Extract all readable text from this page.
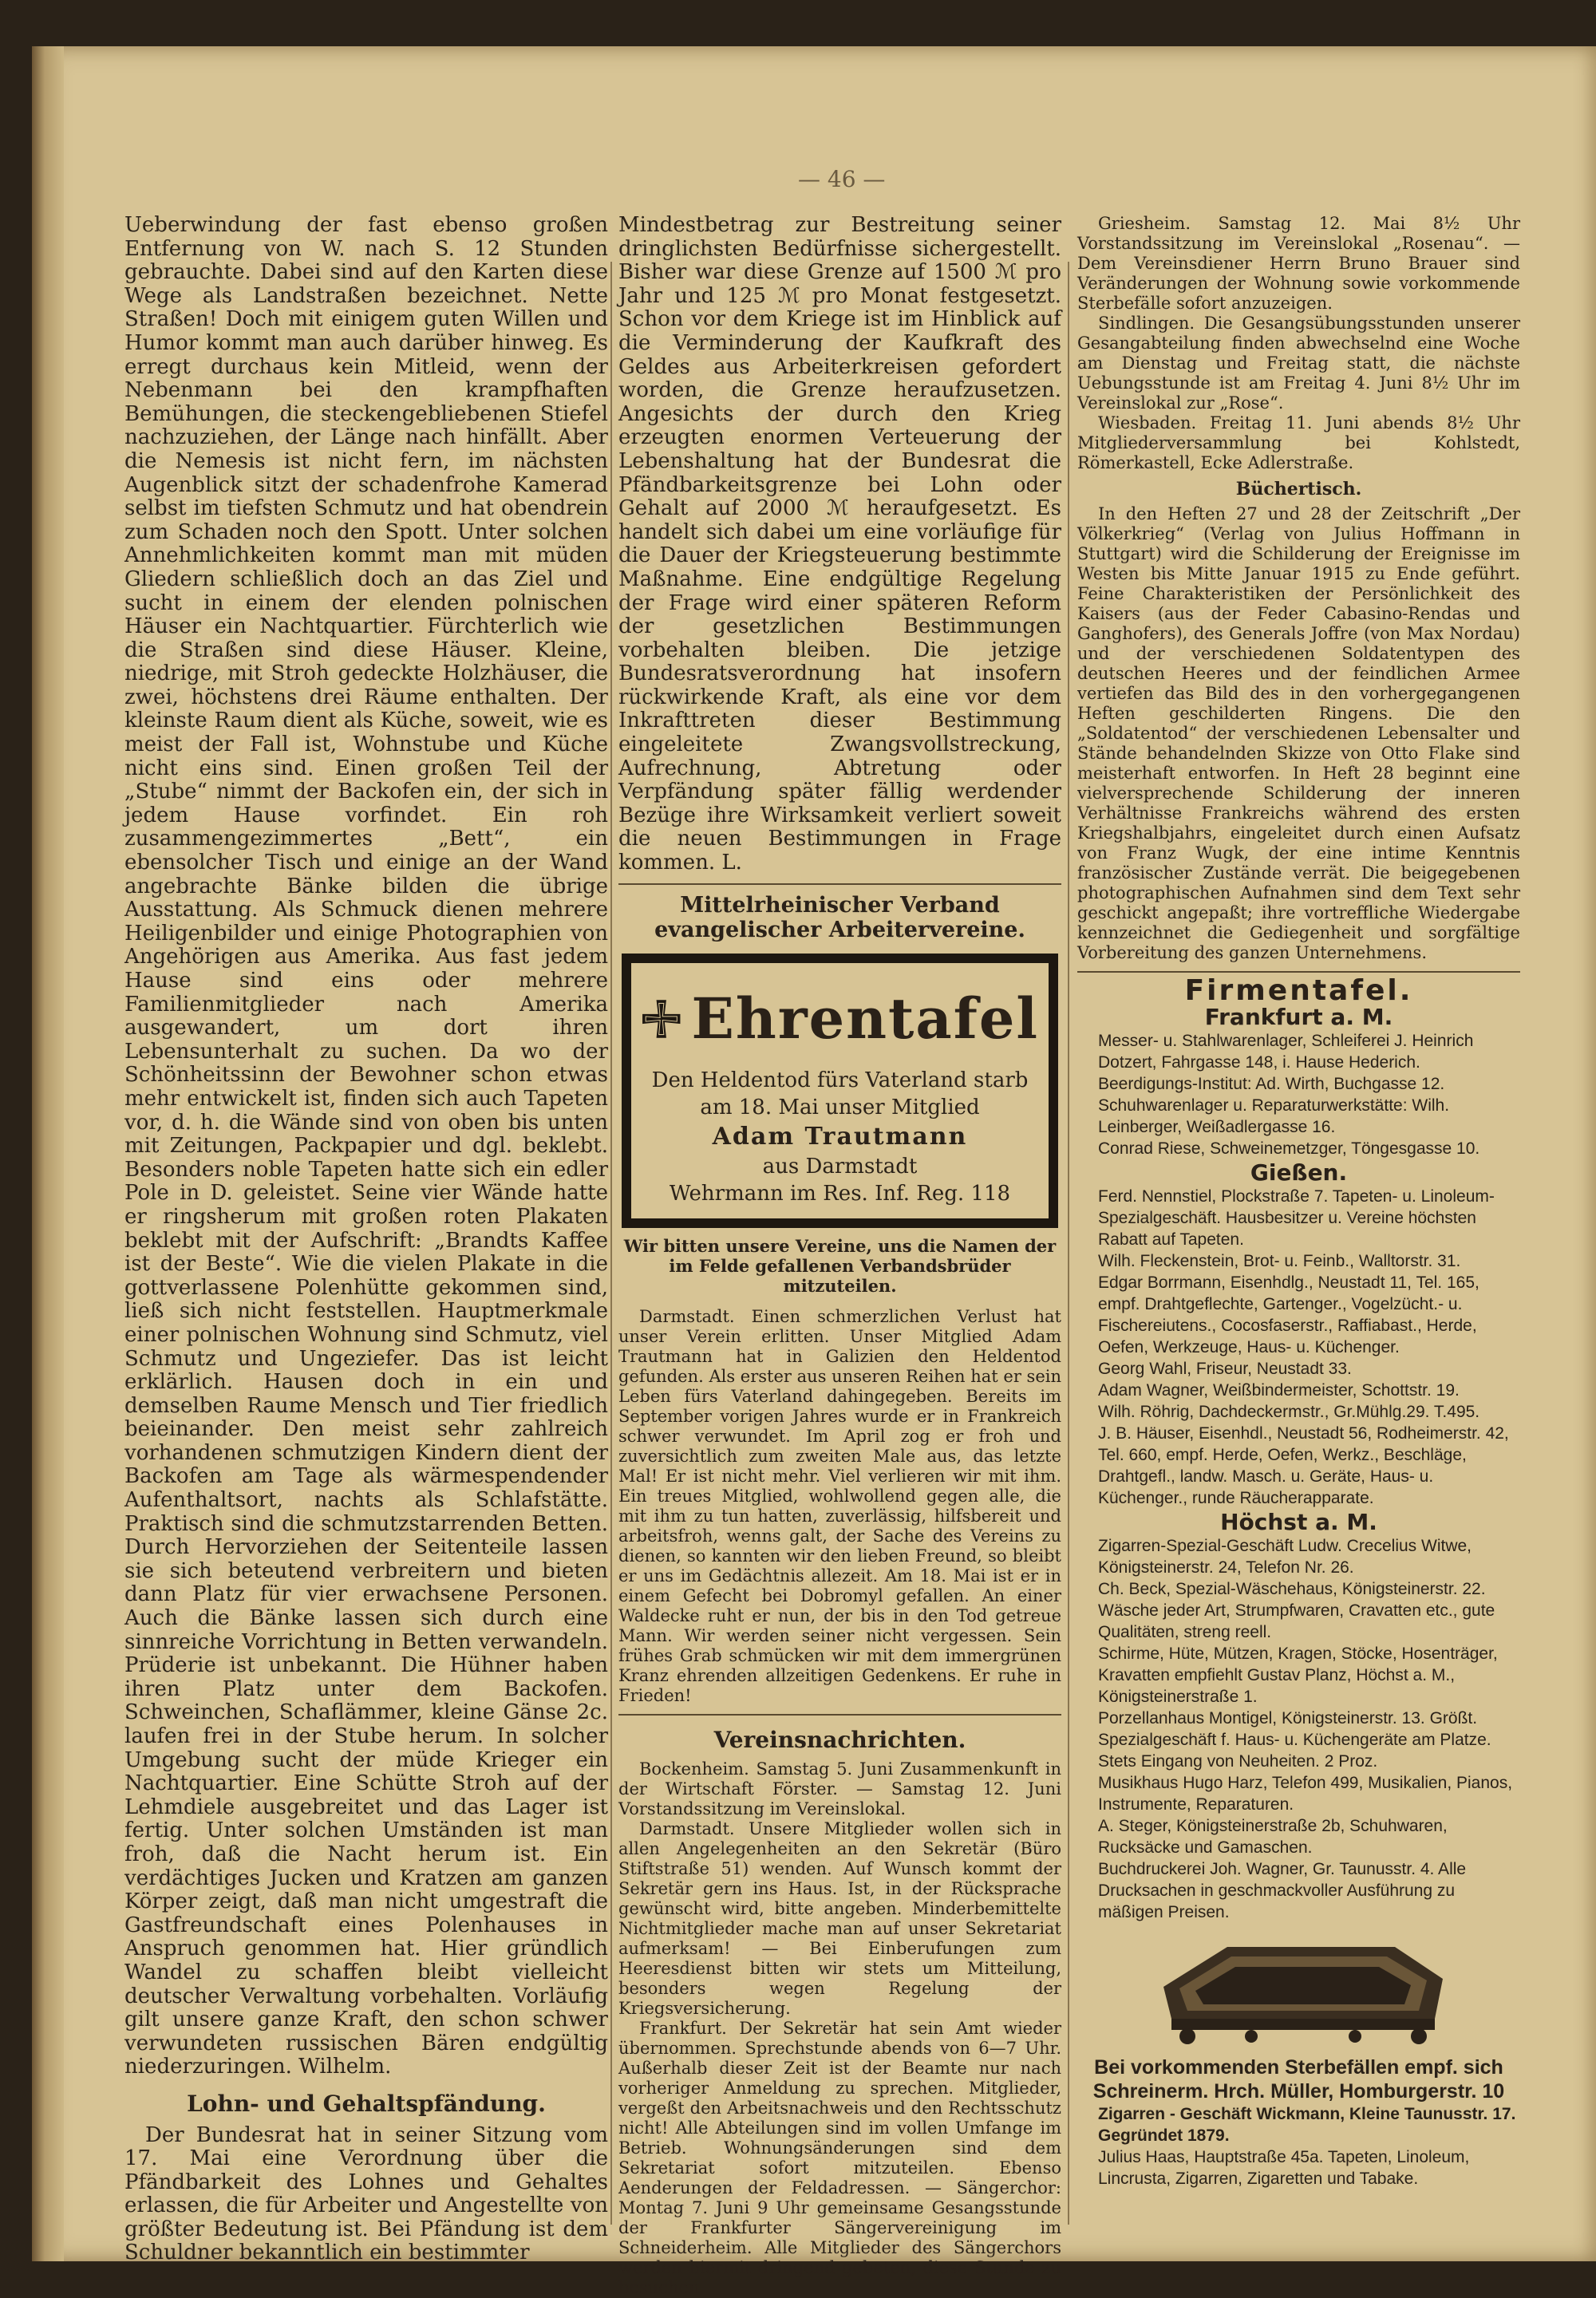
— 46 —

Ueberwindung der fast ebenso großen Entfernung von W. nach S. 12 Stunden gebrauchte. Dabei sind auf den Karten diese Wege als Landstraßen bezeichnet. Nette Straßen! Doch mit einigem guten Willen und Humor kommt man auch darüber hinweg. Es erregt durchaus kein Mitleid, wenn der Nebenmann bei den krampfhaften Bemühungen, die steckengebliebenen Stiefel nachzuziehen, der Länge nach hinfällt. Aber die Nemesis ist nicht fern, im nächsten Augenblick sitzt der schadenfrohe Kamerad selbst im tiefsten Schmutz und hat obendrein zum Schaden noch den Spott. Unter solchen Annehmlichkeiten kommt man mit müden Gliedern schließlich doch an das Ziel und sucht in einem der elenden polnischen Häuser ein Nachtquartier. Fürchterlich wie die Straßen sind diese Häuser. Kleine, niedrige, mit Stroh gedeckte Holzhäuser, die zwei, höchstens drei Räume enthalten. Der kleinste Raum dient als Küche, soweit, wie es meist der Fall ist, Wohnstube und Küche nicht eins sind. Einen großen Teil der „Stube“ nimmt der Backofen ein, der sich in jedem Hause vorfindet. Ein roh zusammengezimmertes „Bett“, ein ebensolcher Tisch und einige an der Wand angebrachte Bänke bilden die übrige Ausstattung. Als Schmuck dienen mehrere Heiligenbilder und einige Photographien von Angehörigen aus Amerika. Aus fast jedem Hause sind eins oder mehrere Familienmitglieder nach Amerika ausgewandert, um dort ihren Lebensunterhalt zu suchen. Da wo der Schönheitssinn der Bewohner schon etwas mehr entwickelt ist, finden sich auch Tapeten vor, d. h. die Wände sind von oben bis unten mit Zeitungen, Packpapier und dgl. beklebt. Besonders noble Tapeten hatte sich ein edler Pole in D. geleistet. Seine vier Wände hatte er ringsherum mit großen roten Plakaten beklebt mit der Aufschrift: „Brandts Kaffee ist der Beste“. Wie die vielen Plakate in die gottverlassene Polenhütte gekommen sind, ließ sich nicht feststellen. Hauptmerkmale einer polnischen Wohnung sind Schmutz, viel Schmutz und Ungeziefer. Das ist leicht erklärlich. Hausen doch in ein und demselben Raume Mensch und Tier friedlich beieinander. Den meist sehr zahlreich vorhandenen schmutzigen Kindern dient der Backofen am Tage als wärmespendender Aufenthaltsort, nachts als Schlafstätte. Praktisch sind die schmutzstarrenden Betten. Durch Hervorziehen der Seitenteile lassen sie sich beteutend verbreitern und bieten dann Platz für vier erwachsene Personen. Auch die Bänke lassen sich durch eine sinnreiche Vorrichtung in Betten verwandeln. Prüderie ist unbekannt. Die Hühner haben ihren Platz unter dem Backofen. Schweinchen, Schaflämmer, kleine Gänse 2c. laufen frei in der Stube herum. In solcher Umgebung sucht der müde Krieger ein Nachtquartier. Eine Schütte Stroh auf der Lehmdiele ausgebreitet und das Lager ist fertig. Unter solchen Umständen ist man froh, daß die Nacht herum ist. Ein verdächtiges Jucken und Kratzen am ganzen Körper zeigt, daß man nicht umgestraft die Gastfreundschaft eines Polenhauses in Anspruch genommen hat. Hier gründlich Wandel zu schaffen bleibt vielleicht deutscher Verwaltung vorbehalten. Vorläufig gilt unsere ganze Kraft, den schon schwer verwundeten russischen Bären endgültig niederzuringen. Wilhelm.

Lohn- und Gehaltspfändung.

Der Bundesrat hat in seiner Sitzung vom 17. Mai eine Verordnung über die Pfändbarkeit des Lohnes und Gehaltes erlassen, die für Arbeiter und Angestellte von größter Bedeutung ist. Bei Pfändung ist dem Schuldner bekanntlich ein bestimmter

Mindestbetrag zur Bestreitung seiner dringlichsten Bedürfnisse sichergestellt. Bisher war diese Grenze auf 1500 ℳ pro Jahr und 125 ℳ pro Monat festgesetzt. Schon vor dem Kriege ist im Hinblick auf die Verminderung der Kaufkraft des Geldes aus Arbeiterkreisen gefordert worden, die Grenze heraufzusetzen. Angesichts der durch den Krieg erzeugten enormen Verteuerung der Lebenshaltung hat der Bundesrat die Pfändbarkeitsgrenze bei Lohn oder Gehalt auf 2000 ℳ heraufgesetzt. Es handelt sich dabei um eine vorläufige für die Dauer der Kriegsteuerung bestimmte Maßnahme. Eine endgültige Regelung der Frage wird einer späteren Reform der gesetzlichen Bestimmungen vorbehalten bleiben. Die jetzige Bundesratsverordnung hat insofern rückwirkende Kraft, als eine vor dem Inkrafttreten dieser Bestimmung eingeleitete Zwangsvollstreckung, Aufrechnung, Abtretung oder Verpfändung später fällig werdender Bezüge ihre Wirksamkeit verliert soweit die neuen Bestimmungen in Frage kommen. L.

Mittelrheinischer Verband evangelischer Arbeitervereine.
Ehrentafel
Den Heldentod fürs Vaterland starb
am 18. Mai unser Mitglied
Adam Trautmann
aus Darmstadt
Wehrmann im Res. Inf. Reg. 118
Wir bitten unsere Vereine, uns die Namen der im Felde gefallenen Verbandsbrüder mitzuteilen.

Darmstadt. Einen schmerzlichen Verlust hat unser Verein erlitten. Unser Mitglied Adam Trautmann hat in Galizien den Heldentod gefunden. Als erster aus unseren Reihen hat er sein Leben fürs Vaterland dahingegeben. Bereits im September vorigen Jahres wurde er in Frankreich schwer verwundet. Im April zog er froh und zuversichtlich zum zweiten Male aus, das letzte Mal! Er ist nicht mehr. Viel verlieren wir mit ihm. Ein treues Mitglied, wohlwollend gegen alle, die mit ihm zu tun hatten, zuverlässig, hilfsbereit und arbeitsfroh, wenns galt, der Sache des Vereins zu dienen, so kannten wir den lieben Freund, so bleibt er uns im Gedächtnis allezeit. Am 18. Mai ist er in einem Gefecht bei Dobromyl gefallen. An einer Waldecke ruht er nun, der bis in den Tod getreue Mann. Wir werden seiner nicht vergessen. Sein frühes Grab schmücken wir mit dem immergrünen Kranz ehrenden allzeitigen Gedenkens. Er ruhe in Frieden!

Vereinsnachrichten.

Bockenheim. Samstag 5. Juni Zusammenkunft in der Wirtschaft Förster. — Samstag 12. Juni Vorstandssitzung im Vereinslokal.

Darmstadt. Unsere Mitglieder wollen sich in allen Angelegenheiten an den Sekretär (Büro Stiftstraße 51) wenden. Auf Wunsch kommt der Sekretär gern ins Haus. Ist, in der Rücksprache gewünscht wird, bitte angeben. Minderbemittelte Nichtmitglieder mache man auf unser Sekretariat aufmerksam! — Bei Einberufungen zum Heeresdienst bitten wir stets um Mitteilung, besonders wegen Regelung der Kriegsversicherung.

Frankfurt. Der Sekretär hat sein Amt wieder übernommen. Sprechstunde abends von 6—7 Uhr. Außerhalb dieser Zeit ist der Beamte nur nach vorheriger Anmeldung zu sprechen. Mitglieder, vergeßt den Arbeitsnachweis und den Rechtsschutz nicht! Alle Abteilungen sind im vollen Umfange im Betrieb. Wohnungsänderungen sind dem Sekretariat sofort mitzuteilen. Ebenso Aenderungen der Feldadressen. — Sängerchor: Montag 7. Juni 9 Uhr gemeinsame Gesangsstunde der Frankfurter Sängervereinigung im Schneiderheim. Alle Mitglieder des Sängerchors werden hiermit dringend gebeten, diese Stunde zu besuchen.

Griesheim. Samstag 12. Mai 8½ Uhr Vorstandssitzung im Vereinslokal „Rosenau“. — Dem Vereinsdiener Herrn Bruno Brauer sind Veränderungen der Wohnung sowie vorkommende Sterbefälle sofort anzuzeigen.

Sindlingen. Die Gesangsübungsstunden unserer Gesangabteilung finden abwechselnd eine Woche am Dienstag und Freitag statt, die nächste Uebungsstunde ist am Freitag 4. Juni 8½ Uhr im Vereinslokal zur „Rose“.

Wiesbaden. Freitag 11. Juni abends 8½ Uhr Mitgliederversammlung bei Kohlstedt, Römerkastell, Ecke Adlerstraße.

Büchertisch.

In den Heften 27 und 28 der Zeitschrift „Der Völkerkrieg“ (Verlag von Julius Hoffmann in Stuttgart) wird die Schilderung der Ereignisse im Westen bis Mitte Januar 1915 zu Ende geführt. Feine Charakteristiken der Persönlichkeit des Kaisers (aus der Feder Cabasino-Rendas und Ganghofers), des Generals Joffre (von Max Nordau) und der verschiedenen Soldatentypen des deutschen Heeres und der feindlichen Armee vertiefen das Bild des in den vorhergegangenen Heften geschilderten Ringens. Die den „Soldatentod“ der verschiedenen Lebensalter und Stände behandelnden Skizze von Otto Flake sind meisterhaft entworfen. In Heft 28 beginnt eine vielversprechende Schilderung der inneren Verhältnisse Frankreichs während des ersten Kriegshalbjahrs, eingeleitet durch einen Aufsatz von Franz Wugk, der eine intime Kenntnis französischer Zustände verrät. Die beigegebenen photographischen Aufnahmen sind dem Text sehr geschickt angepaßt; ihre vortreffliche Wiedergabe kennzeichnet die Gediegenheit und sorgfältige Vorbereitung des ganzen Unternehmens.

Firmentafel.
Frankfurt a. M.

Messer- u. Stahlwarenlager, Schleiferei J. Heinrich Dotzert, Fahrgasse 148, i. Hause Hederich.

Beerdigungs-Institut: Ad. Wirth, Buchgasse 12.

Schuhwarenlager u. Reparaturwerkstätte: Wilh. Leinberger, Weißadlergasse 16.

Conrad Riese, Schweinemetzger, Töngesgasse 10.

Gießen.

Ferd. Nennstiel, Plockstraße 7. Tapeten- u. Linoleum-Spezialgeschäft. Hausbesitzer u. Vereine höchsten Rabatt auf Tapeten.

Wilh. Fleckenstein, Brot- u. Feinb., Walltorstr. 31.

Edgar Borrmann, Eisenhdlg., Neustadt 11, Tel. 165, empf. Drahtgeflechte, Gartenger., Vogelzücht.- u. Fischereiutens., Cocosfaserstr., Raffiabast., Herde, Oefen, Werkzeuge, Haus- u. Küchenger.

Georg Wahl, Friseur, Neustadt 33.

Adam Wagner, Weißbindermeister, Schottstr. 19.

Wilh. Röhrig, Dachdeckermstr., Gr.Mühlg.29. T.495.

J. B. Häuser, Eisenhdl., Neustadt 56, Rodheimerstr. 42, Tel. 660, empf. Herde, Oefen, Werkz., Beschläge, Drahtgefl., landw. Masch. u. Geräte, Haus- u. Küchenger., runde Räucherapparate.

Höchst a. M.

Zigarren-Spezial-Geschäft Ludw. Crecelius Witwe, Königsteinerstr. 24, Telefon Nr. 26.

Ch. Beck, Spezial-Wäschehaus, Königsteinerstr. 22. Wäsche jeder Art, Strumpfwaren, Cravatten etc., gute Qualitäten, streng reell.

Schirme, Hüte, Mützen, Kragen, Stöcke, Hosenträger, Kravatten empfiehlt Gustav Planz, Höchst a. M., Königsteinerstraße 1.

Porzellanhaus Montigel, Königsteinerstr. 13. Größt. Spezialgeschäft f. Haus- u. Küchengeräte am Platze. Stets Eingang von Neuheiten. 2 Proz.

Musikhaus Hugo Harz, Telefon 499, Musikalien, Pianos, Instrumente, Reparaturen.

A. Steger, Königsteinerstraße 2b, Schuhwaren, Rucksäcke und Gamaschen.

Buchdruckerei Joh. Wagner, Gr. Taunusstr. 4. Alle Drucksachen in geschmackvoller Ausführung zu mäßigen Preisen.

Bei vorkommenden Sterbefällen empf. sich
Schreinerm. Hrch. Müller, Homburgerstr. 10

Zigarren - Geschäft Wickmann, Kleine Taunusstr. 17. Gegründet 1879.

Julius Haas, Hauptstraße 45a. Tapeten, Linoleum, Lincrusta, Zigarren, Zigaretten und Tabake.
